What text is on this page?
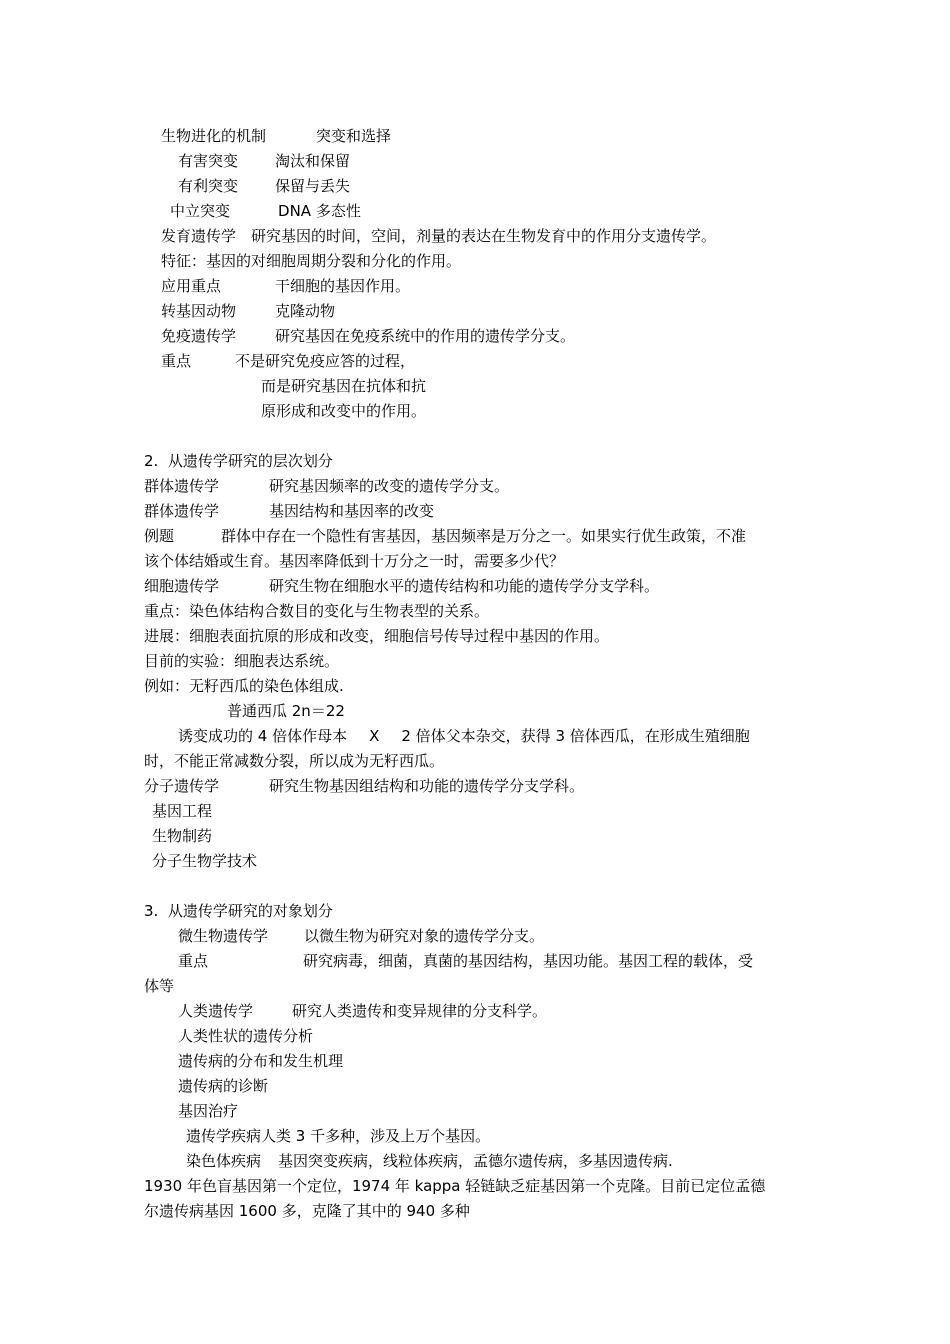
生物进化的机制	突变和选择
有害突变 淘汰和保留
有利突变 保留与丢失
中立突变	DNA 多态性
发育遗传学 研究基因的时间，空间，剂量的表达在生物发育中的作用分支遗传学。
特征：基因的对细胞周期分裂和分化的作用。
应用重点	干细胞的基因作用。
转基因动物	克隆动物
免疫遗传学	研究基因在免疫系统中的作用的遗传学分支。
重点	不是研究免疫应答的过程，
而是研究基因在抗体和抗
原形成和改变中的作用。
2.  从遗传学研究的层次划分
群体遗传学	研究基因频率的改变的遗传学分支。
群体遗传学	基因结构和基因率的改变
例题	群体中存在一个隐性有害基因，基因频率是万分之一。如果实行优生政策，不准
该个体结婚或生育。基因率降低到十万分之一时，需要多少代？
细胞遗传学	研究生物在细胞水平的遗传结构和功能的遗传学分支学科。
重点：染色体结构合数目的变化与生物表型的关系。
进展：细胞表面抗原的形成和改变，细胞信号传导过程中基因的作用。
目前的实验：细胞表达系统。
例如：无籽西瓜的染色体组成.
普通西瓜 2n＝22
诱变成功的 4 倍体作母本 X 2 倍体父本杂交，获得 3 倍体西瓜，在形成生殖细胞
时，不能正常减数分裂，所以成为无籽西瓜。
分子遗传学	研究生物基因组结构和功能的遗传学分支学科。
基因工程
生物制药
分子生物学技术
3.  从遗传学研究的对象划分
微生物遗传学 以微生物为研究对象的遗传学分支。
重点	研究病毒，细菌，真菌的基因结构，基因功能。基因工程的载体，受
体等
人类遗传学	研究人类遗传和变异规律的分支科学。
人类性状的遗传分析
遗传病的分布和发生机理
遗传病的诊断
基因治疗
遗传学疾病人类 3 千多种，涉及上万个基因。
染色体疾病 基因突变疾病，线粒体疾病，孟德尔遗传病，多基因遗传病.
1930 年色盲基因第一个定位，1974 年 kappa 轻链缺乏症基因第一个克隆。目前已定位孟德
尔遗传病基因 1600 多，克隆了其中的 940 多种
